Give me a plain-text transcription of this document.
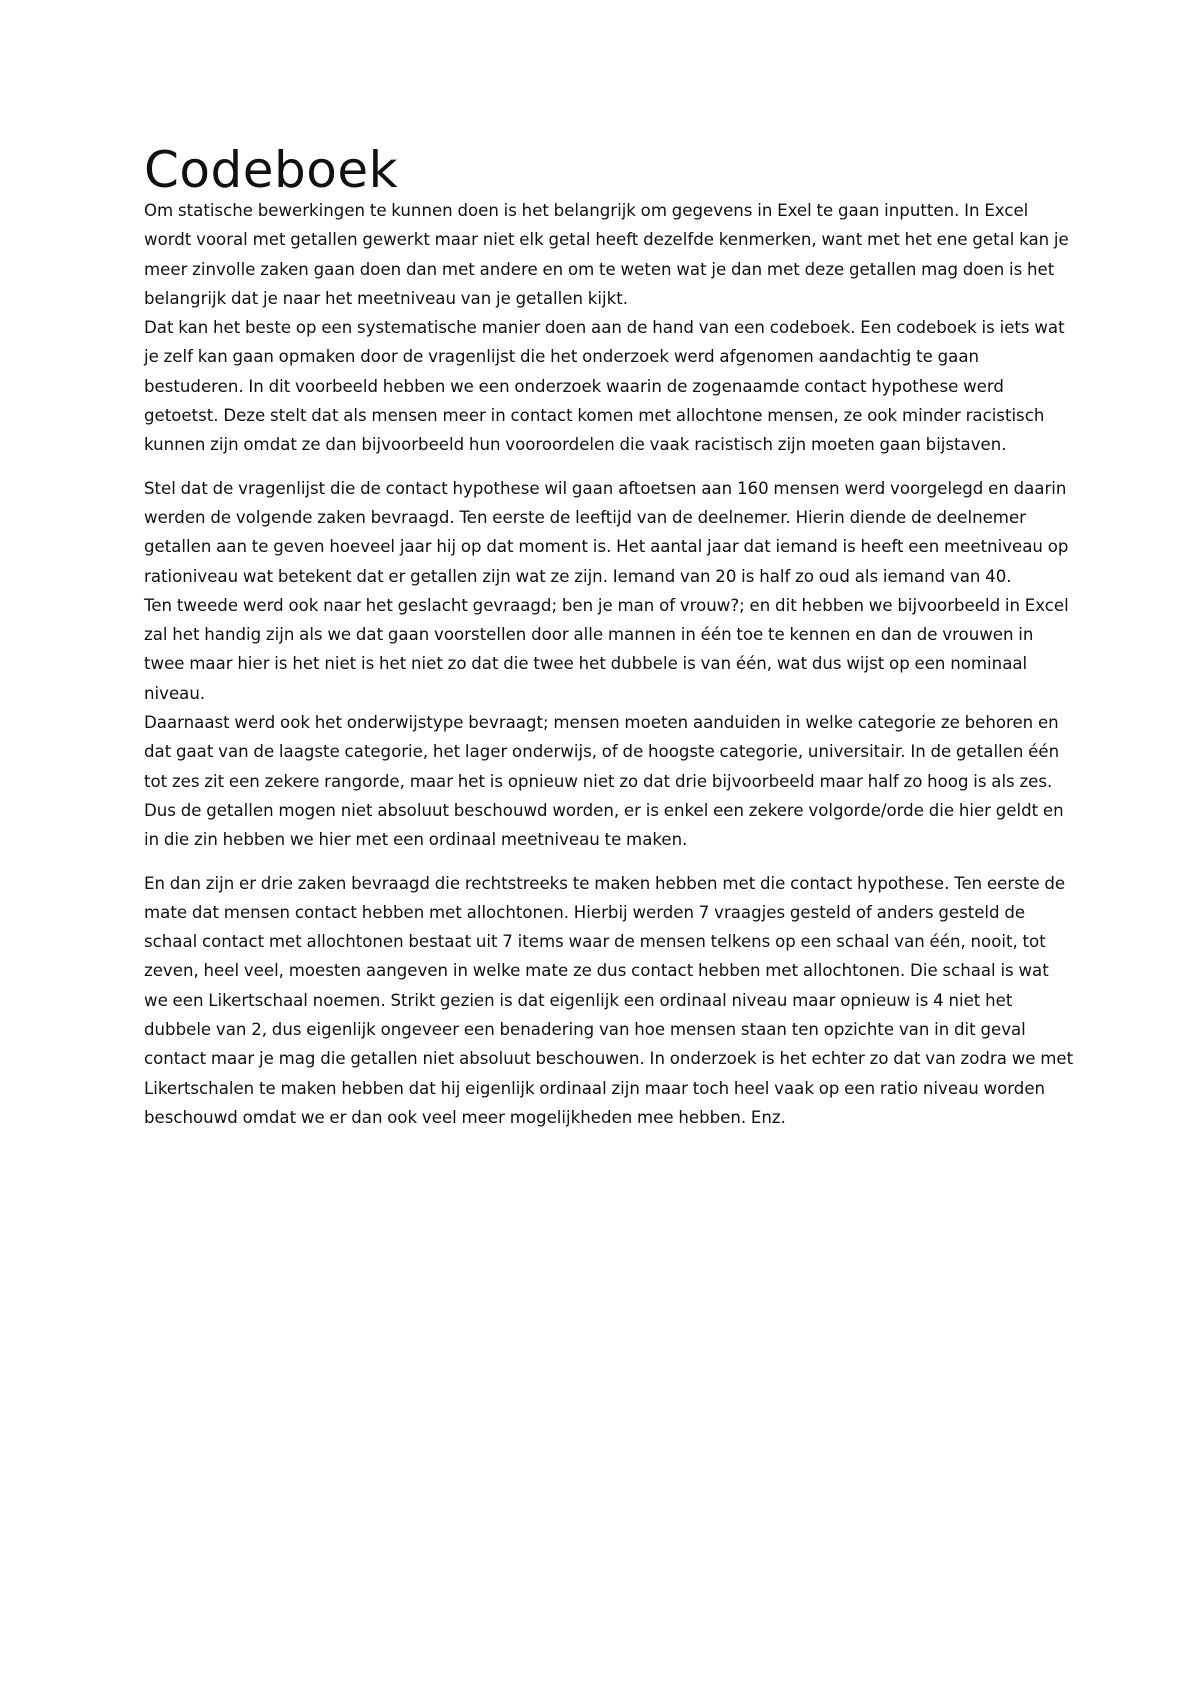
Codeboek

Om statische bewerkingen te kunnen doen is het belangrijk om gegevens in Exel te gaan inputten. In Excel wordt vooral met getallen gewerkt maar niet elk getal heeft dezelfde kenmerken, want met het ene getal kan je meer zinvolle zaken gaan doen dan met andere en om te weten wat je dan met deze getallen mag doen is het belangrijk dat je naar het meetniveau van je getallen kijkt.

Dat kan het beste op een systematische manier doen aan de hand van een codeboek. Een codeboek is iets wat je zelf kan gaan opmaken door de vragenlijst die het onderzoek werd afgenomen aandachtig te gaan bestuderen. In dit voorbeeld hebben we een onderzoek waarin de zogenaamde contact hypothese werd getoetst. Deze stelt dat als mensen meer in contact komen met allochtone mensen, ze ook minder racistisch kunnen zijn omdat ze dan bijvoorbeeld hun vooroordelen die vaak racistisch zijn moeten gaan bijstaven.

Stel dat de vragenlijst die de contact hypothese wil gaan aftoetsen aan 160 mensen werd voorgelegd en daarin werden de volgende zaken bevraagd. Ten eerste de leeftijd van de deelnemer. Hierin diende de deelnemer getallen aan te geven hoeveel jaar hij op dat moment is. Het aantal jaar dat iemand is heeft een meetniveau op rationiveau wat betekent dat er getallen zijn wat ze zijn. Iemand van 20 is half zo oud als iemand van 40.

Ten tweede werd ook naar het geslacht gevraagd; ben je man of vrouw?; en dit hebben we bijvoorbeeld in Excel zal het handig zijn als we dat gaan voorstellen door alle mannen in één toe te kennen en dan de vrouwen in twee maar hier is het niet is het niet zo dat die twee het dubbele is van één, wat dus wijst op een nominaal niveau.

Daarnaast werd ook het onderwijstype bevraagt; mensen moeten aanduiden in welke categorie ze behoren en dat gaat van de laagste categorie, het lager onderwijs, of de hoogste categorie, universitair. In de getallen één tot zes zit een zekere rangorde, maar het is opnieuw niet zo dat drie bijvoorbeeld maar half zo hoog is als zes. Dus de getallen mogen niet absoluut beschouwd worden, er is enkel een zekere volgorde/orde die hier geldt en in die zin hebben we hier met een ordinaal meetniveau te maken.

En dan zijn er drie zaken bevraagd die rechtstreeks te maken hebben met die contact hypothese. Ten eerste de mate dat mensen contact hebben met allochtonen. Hierbij werden 7 vraagjes gesteld of anders gesteld de schaal contact met allochtonen bestaat uit 7 items waar de mensen telkens op een schaal van één, nooit, tot zeven, heel veel, moesten aangeven in welke mate ze dus contact hebben met allochtonen. Die schaal is wat we een Likertschaal noemen. Strikt gezien is dat eigenlijk een ordinaal niveau maar opnieuw is 4 niet het dubbele van 2, dus eigenlijk ongeveer een benadering van hoe mensen staan ten opzichte van in dit geval contact maar je mag die getallen niet absoluut beschouwen. In onderzoek is het echter zo dat van zodra we met Likertschalen te maken hebben dat hij eigenlijk ordinaal zijn maar toch heel vaak op een ratio niveau worden beschouwd omdat we er dan ook veel meer mogelijkheden mee hebben. Enz.
